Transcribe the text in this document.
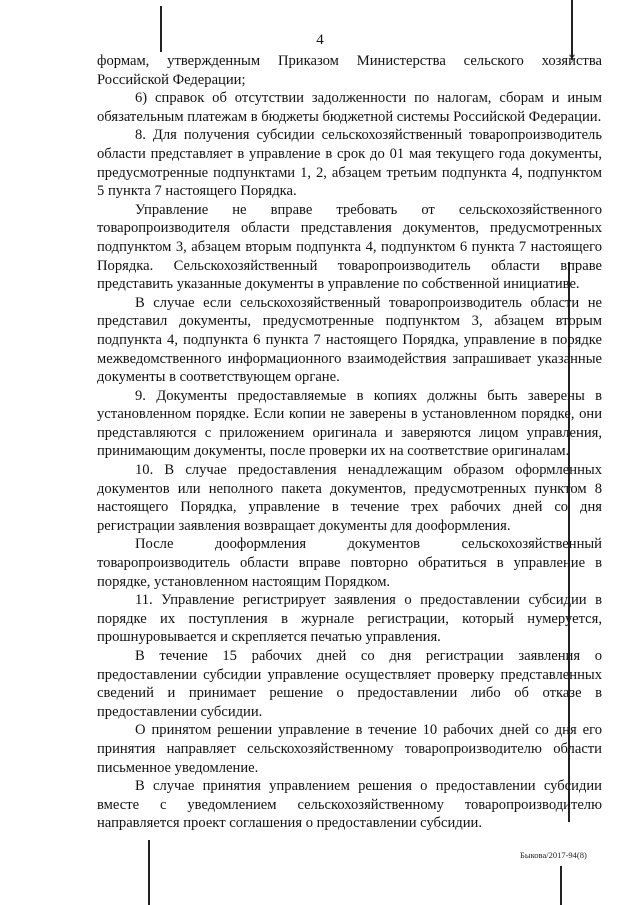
4

формам, утвержденным Приказом Министерства сельского хозяйства Российской Федерации;

6) справок об отсутствии задолженности по налогам, сборам и иным обязательным платежам в бюджеты бюджетной системы Российской Федерации.

8. Для получения субсидии сельскохозяйственный товаропроизводитель области представляет в управление в срок до 01 мая текущего года документы, предусмотренные подпунктами 1, 2, абзацем третьим подпункта 4, подпунктом 5 пункта 7 настоящего Порядка.

Управление не вправе требовать от сельскохозяйственного товаропроизводителя области представления документов, предусмотренных подпунктом 3, абзацем вторым подпункта 4, подпунктом 6 пункта 7 настоящего Порядка. Сельскохозяйственный товаропроизводитель области вправе представить указанные документы в управление по собственной инициативе.

В случае если сельскохозяйственный товаропроизводитель области не представил документы, предусмотренные подпунктом 3, абзацем вторым подпункта 4, подпункта 6 пункта 7 настоящего Порядка, управление в порядке межведомственного информационного взаимодействия запрашивает указанные документы в соответствующем органе.

9. Документы предоставляемые в копиях должны быть заверены в установленном порядке. Если копии не заверены в установленном порядке, они представляются с приложением оригинала и заверяются лицом управления, принимающим документы, после проверки их на соответствие оригиналам.

10. В случае предоставления ненадлежащим образом оформленных документов или неполного пакета документов, предусмотренных пунктом 8 настоящего Порядка, управление в течение трех рабочих дней со дня регистрации заявления возвращает документы для дооформления.

После дооформления документов сельскохозяйственный товаропроизводитель области вправе повторно обратиться в управление в порядке, установленном настоящим Порядком.

11. Управление регистрирует заявления о предоставлении субсидии в порядке их поступления в журнале регистрации, который нумеруется, прошнуровывается и скрепляется печатью управления.

В течение 15 рабочих дней со дня регистрации заявления о предоставлении субсидии управление осуществляет проверку представленных сведений и принимает решение о предоставлении либо об отказе в предоставлении субсидии.

О принятом решении управление в течение 10 рабочих дней со дня его принятия направляет сельскохозяйственному товаропроизводителю области письменное уведомление.

В случае принятия управлением решения о предоставлении субсидии вместе с уведомлением сельскохозяйственному товаропроизводителю направляется проект соглашения о предоставлении субсидии.

Быкова/2017-94(8)
